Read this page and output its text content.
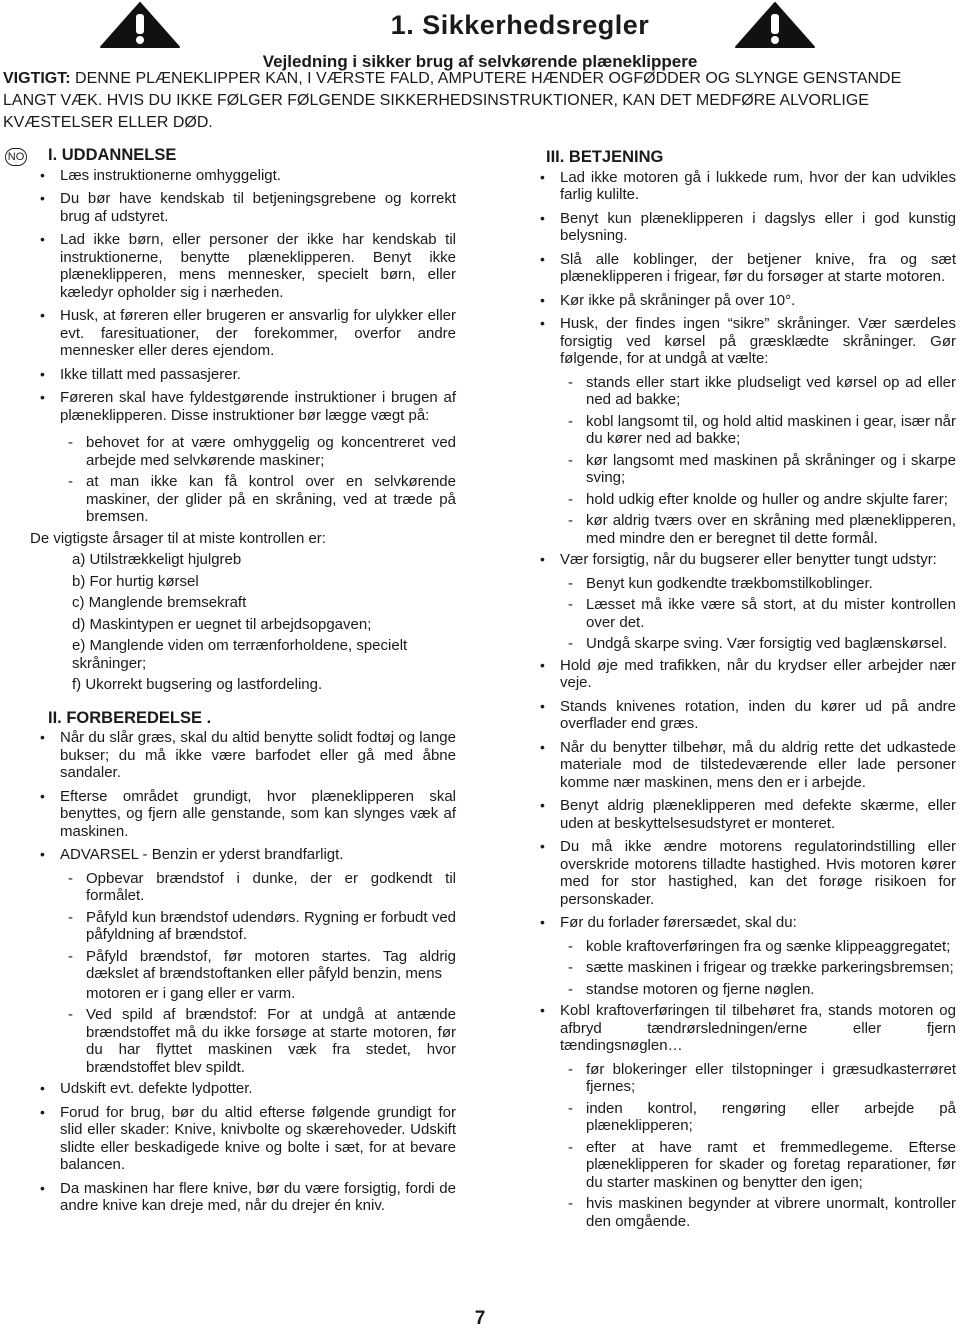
1. Sikkerhedsregler
Vejledning i sikker brug af selvkørende plæneklippere
VIGTIGT: DENNE PLÆNEKLIPPER KAN, I VÆRSTE FALD, AMPUTERE HÆNDER OGFØDDER OG SLYNGE GENSTANDE LANGT VÆK. HVIS DU IKKE FØLGER FØLGENDE SIKKERHEDSINSTRUKTIONER, KAN DET MEDFØRE ALVORLIGE KVÆSTELSER ELLER DØD.
NO	I. UDDANNELSE
• Læs instruktionerne omhyggeligt.
• Du bør have kendskab til betjeningsgrebene og korrekt brug af udstyret.
• Lad ikke børn, eller personer der ikke har kendskab til instruktionerne, benytte plæneklipperen. Benyt ikke plæneklipperen, mens mennesker, specielt børn, eller kæledyr opholder sig i nærheden.
• Husk, at føreren eller brugeren er ansvarlig for ulykker eller evt. faresituationer, der forekommer, overfor andre mennesker eller deres ejendom.
• Ikke tillatt med passasjerer.
• Føreren skal have fyldestgørende instruktioner i brugen af plæneklipperen. Disse instruktioner bør lægge vægt på:
- behovet for at være omhyggelig og koncentreret ved arbejde med selvkørende maskiner;
- at man ikke kan få kontrol over en selvkørende maskiner, der glider på en skråning, ved at træde på bremsen.
De vigtigste årsager til at miste kontrollen er:
a) Utilstrækkeligt hjulgreb
b) For hurtig kørsel
c) Manglende bremsekraft
d) Maskintypen er uegnet til arbejdsopgaven;
e) Manglende viden om terrænforholdene, specielt skråninger;
f) Ukorrekt bugsering og lastfordeling.
II. FORBEREDELSE .
• Når du slår græs, skal du altid benytte solidt fodtøj og lange bukser; du må ikke være barfodet eller gå med åbne sandaler.
• Efterse området grundigt, hvor plæneklipperen skal benyttes, og fjern alle genstande, som kan slynges væk af maskinen.
• ADVARSEL - Benzin er yderst brandfarligt.
- Opbevar brændstof i dunke, der er godkendt til formålet.
- Påfyld kun brændstof udendørs. Rygning er forbudt ved påfyldning af brændstof.
- Påfyld brændstof, før motoren startes. Tag aldrig dækslet af brændstoftanken eller påfyld benzin, mens
motoren er i gang eller er varm.
- Ved spild af brændstof: For at undgå at antænde brændstoffet må du ikke forsøge at starte motoren, før du har flyttet maskinen væk fra stedet, hvor brændstoffet blev spildt.
• Udskift evt. defekte lydpotter.
• Forud for brug, bør du altid efterse følgende grundigt for slid eller skader: Knive, knivbolte og skærehoveder. Udskift slidte eller beskadigede knive og bolte i sæt, for at bevare balancen.
• Da maskinen har flere knive, bør du være forsigtig, fordi de andre knive kan dreje med, når du drejer én kniv.
III. BETJENING
• Lad ikke motoren gå i lukkede rum, hvor der kan udvikles farlig kulilte.
• Benyt kun plæneklipperen i dagslys eller i god kunstig belysning.
• Slå alle koblinger, der betjener knive, fra og sæt plæneklipperen i frigear, før du forsøger at starte motoren.
• Kør ikke på skråninger på over 10°.
• Husk, der findes ingen “sikre” skråninger. Vær særdeles forsigtig ved kørsel på græsklædte skråninger. Gør følgende, for at undgå at vælte:
- stands eller start ikke pludseligt ved kørsel op ad eller ned ad bakke;
- kobl langsomt til, og hold altid maskinen i gear, især når du kører ned ad bakke;
- kør langsomt med maskinen på skråninger og i skarpe sving;
- hold udkig efter knolde og huller og andre skjulte farer;
- kør aldrig tværs over en skråning med plæneklipperen, med mindre den er beregnet til dette formål.
• Vær forsigtig, når du bugserer eller benytter tungt udstyr:
- Benyt kun godkendte trækbomstilkoblinger.
- Læsset må ikke være så stort, at du mister kontrollen over det.
- Undgå skarpe sving. Vær forsigtig ved baglænskørsel.
• Hold øje med trafikken, når du krydser eller arbejder nær veje.
• Stands knivenes rotation, inden du kører ud på andre overflader end græs.
• Når du benytter tilbehør, må du aldrig rette det udkastede materiale mod de tilstedeværende eller lade personer komme nær maskinen, mens den er i arbejde.
• Benyt aldrig plæneklipperen med defekte skærme, eller uden at beskyttelsesudstyret er monteret.
• Du må ikke ændre motorens regulatorindstilling eller overskride motorens tilladte hastighed. Hvis motoren kører med for stor hastighed, kan det forøge risikoen for personskader.
• Før du forlader førersædet, skal du:
- koble kraftoverføringen fra og sænke klippeaggregatet;
- sætte maskinen i frigear og trække parkeringsbremsen;
- standse motoren og fjerne nøglen.
• Kobl kraftoverføringen til tilbehøret fra, stands motoren og afbryd tændrørsledningen/erne eller fjern tændingsnøglen…
- før blokeringer eller tilstopninger i græsudkasterrøret fjernes;
- inden kontrol, rengøring eller arbejde på plæneklipperen;
- efter at have ramt et fremmedlegeme. Efterse plæneklipperen for skader og foretag reparationer, før du starter maskinen og benytter den igen;
- hvis maskinen begynder at vibrere unormalt, kontroller den omgående.
7
